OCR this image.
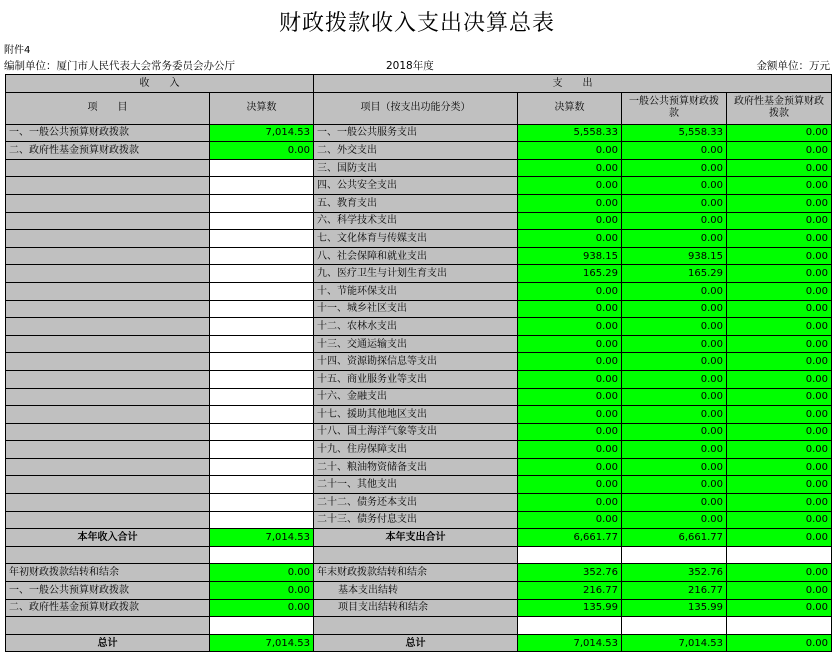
财政拨款收入支出决算总表
附件4
编制单位：厦门市人民代表大会常务委员会办公厅	2018年度	金额单位：万元
收　　入		支　　出			
项　　目	决算数	项目（按支出功能分类）	决算数	一般公共预算财政拨款	政府性基金预算财政拨款
一、一般公共预算财政拨款	7,014.53	一、一般公共服务支出	5,558.33	5,558.33	0.00
二、政府性基金预算财政拨款	0.00	二、外交支出	0.00	0.00	0.00
		三、国防支出	0.00	0.00	0.00
		四、公共安全支出	0.00	0.00	0.00
		五、教育支出	0.00	0.00	0.00
		六、科学技术支出	0.00	0.00	0.00
		七、文化体育与传媒支出	0.00	0.00	0.00
		八、社会保障和就业支出	938.15	938.15	0.00
		九、医疗卫生与计划生育支出	165.29	165.29	0.00
		十、节能环保支出	0.00	0.00	0.00
		十一、城乡社区支出	0.00	0.00	0.00
		十二、农林水支出	0.00	0.00	0.00
		十三、交通运输支出	0.00	0.00	0.00
		十四、资源勘探信息等支出	0.00	0.00	0.00
		十五、商业服务业等支出	0.00	0.00	0.00
		十六、金融支出	0.00	0.00	0.00
		十七、援助其他地区支出	0.00	0.00	0.00
		十八、国土海洋气象等支出	0.00	0.00	0.00
		十九、住房保障支出	0.00	0.00	0.00
		二十、粮油物资储备支出	0.00	0.00	0.00
		二十一、其他支出	0.00	0.00	0.00
		二十二、债务还本支出	0.00	0.00	0.00
		二十三、债务付息支出	0.00	0.00	0.00
本年收入合计	7,014.53	本年支出合计	6,661.77	6,661.77	0.00

年初财政拨款结转和结余	0.00	年末财政拨款结转和结余	352.76	352.76	0.00
一、一般公共预算财政拨款	0.00	基本支出结转	216.77	216.77	0.00
二、政府性基金预算财政拨款	0.00	项目支出结转和结余	135.99	135.99	0.00

总计	7,014.53	总计	7,014.53	7,014.53	0.00
